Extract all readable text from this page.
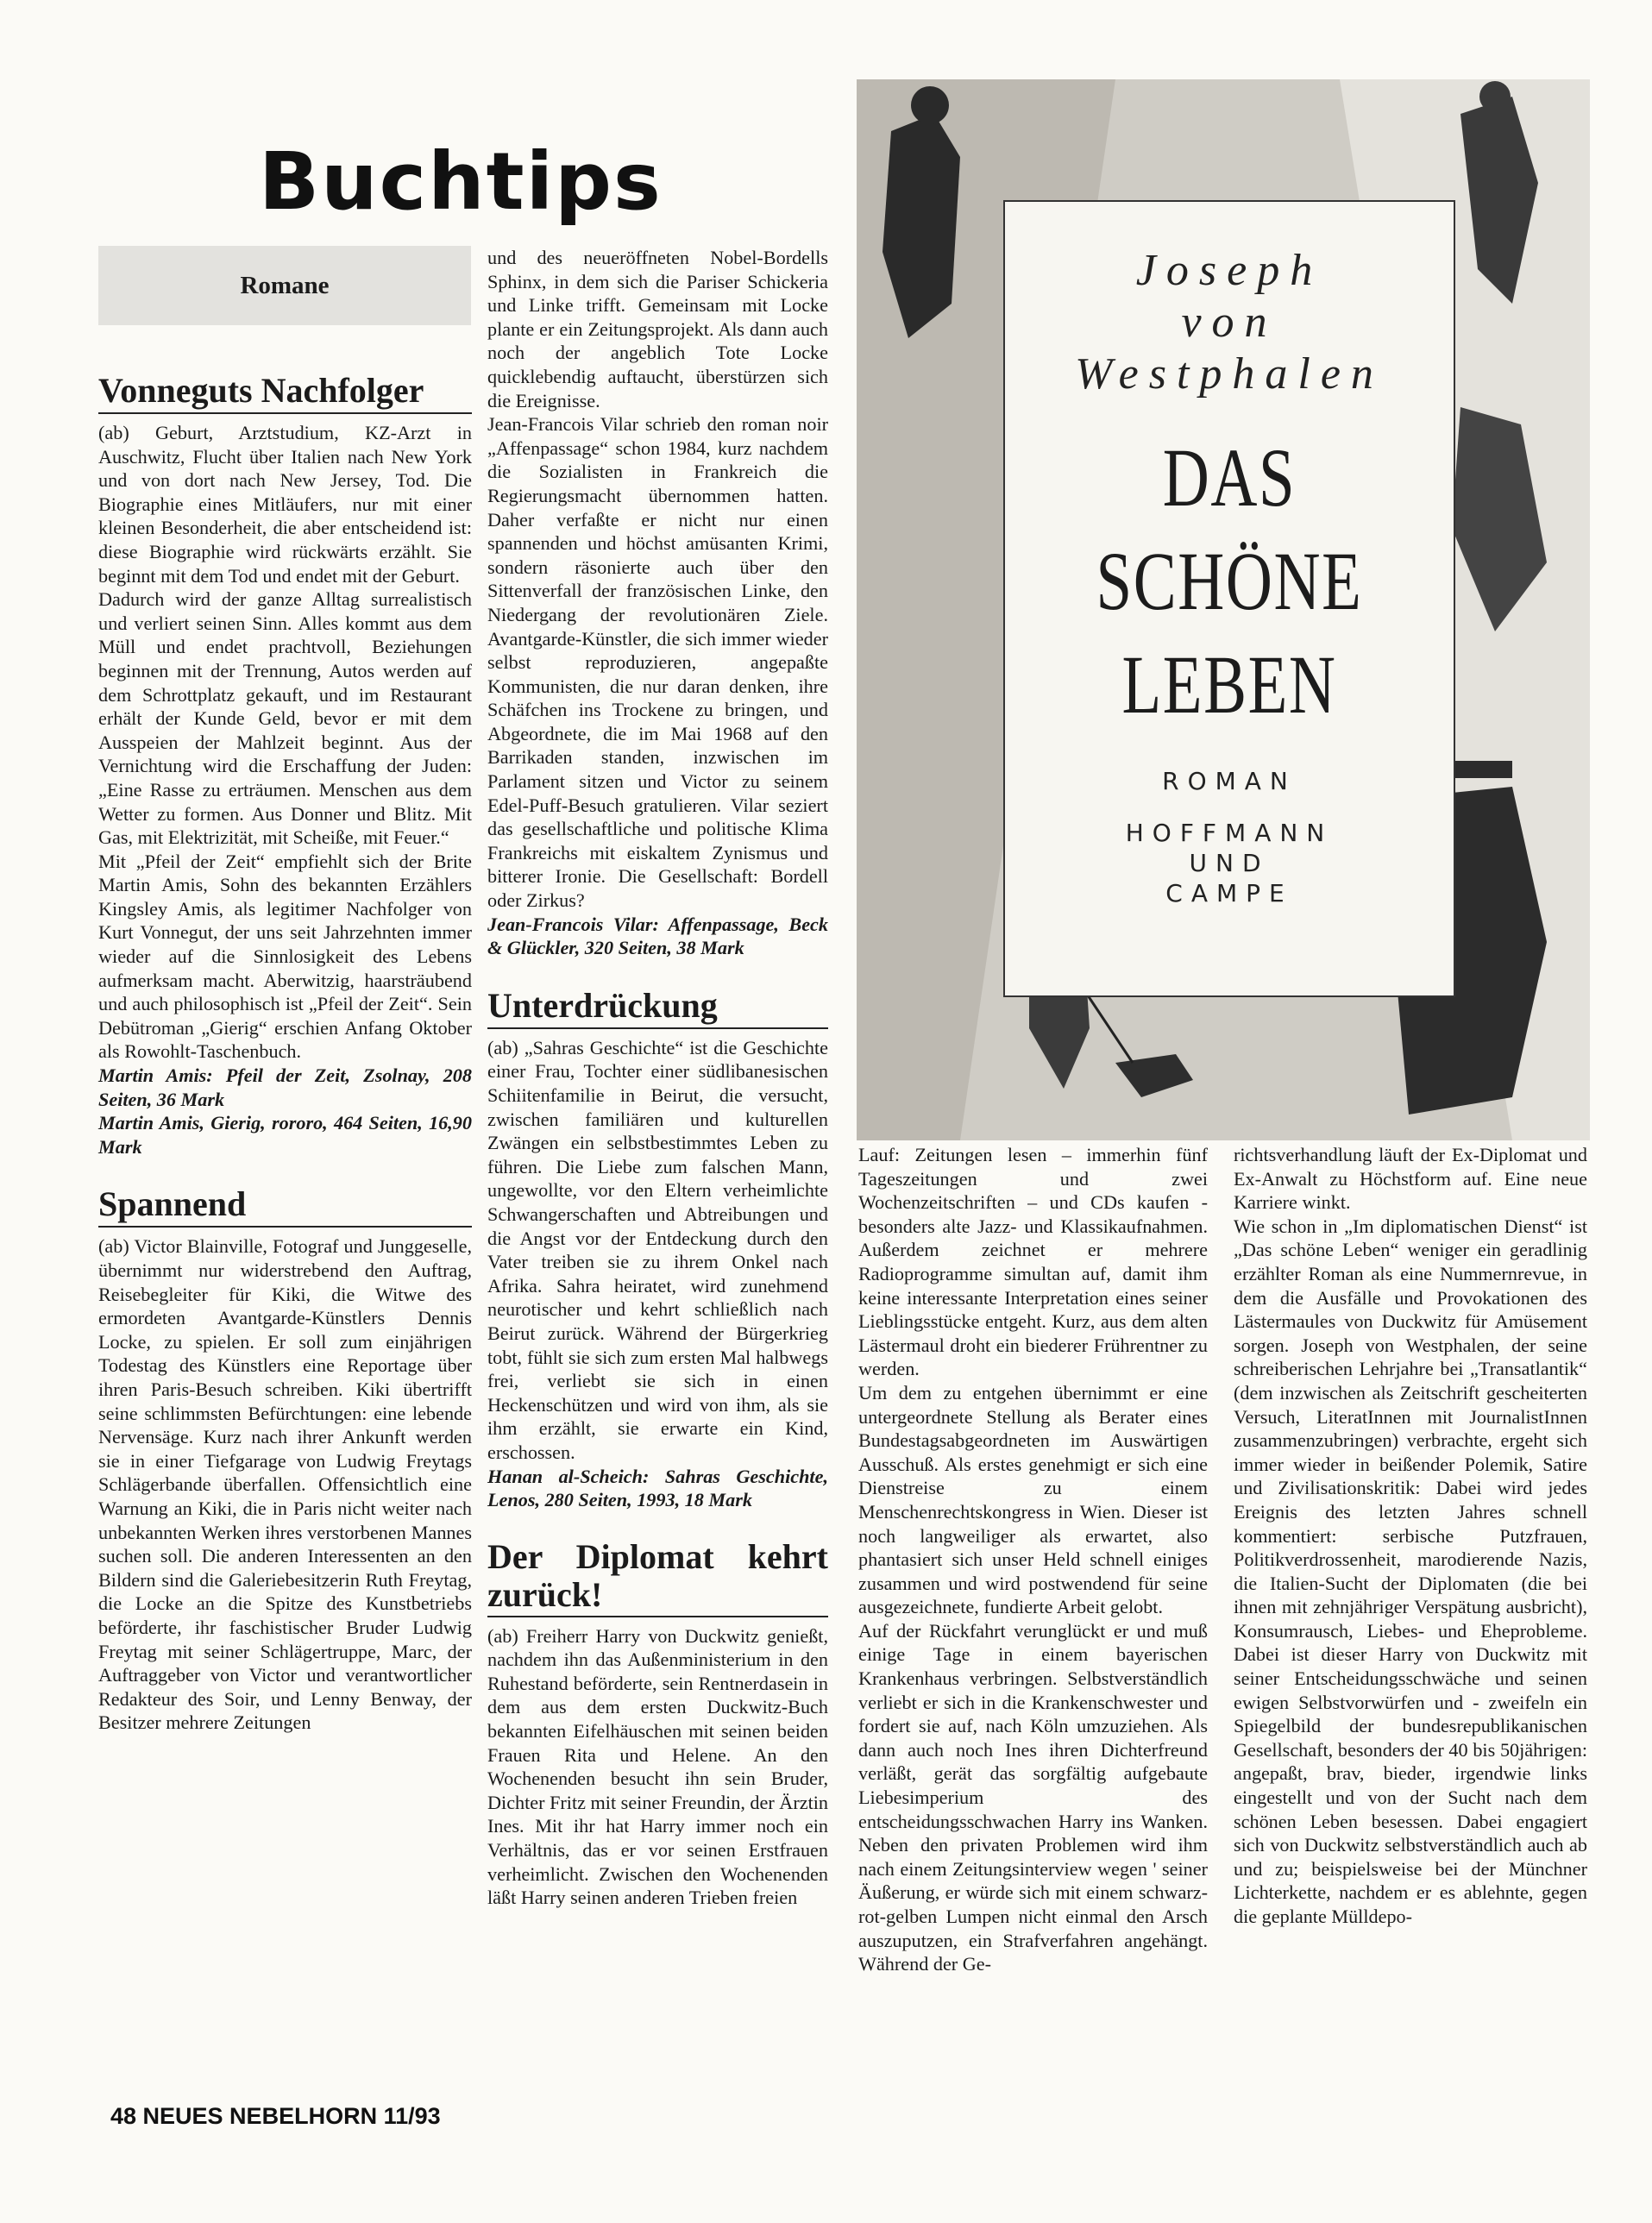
Buchtips
Romane
Vonneguts Nachfolger

(ab) Geburt, Arztstudium, KZ-Arzt in Auschwitz, Flucht über Italien nach New York und von dort nach New Jersey, Tod. Die Biographie eines Mitläufers, nur mit einer kleinen Besonderheit, die aber entscheidend ist: diese Biographie wird rückwärts erzählt. Sie beginnt mit dem Tod und endet mit der Geburt.

Dadurch wird der ganze Alltag surrealistisch und verliert seinen Sinn. Alles kommt aus dem Müll und endet prachtvoll, Beziehungen beginnen mit der Trennung, Autos werden auf dem Schrottplatz gekauft, und im Restaurant erhält der Kunde Geld, bevor er mit dem Ausspeien der Mahlzeit beginnt. Aus der Vernichtung wird die Erschaffung der Juden: „Eine Rasse zu erträumen. Menschen aus dem Wetter zu formen. Aus Donner und Blitz. Mit Gas, mit Elektrizität, mit Scheiße, mit Feuer.“

Mit „Pfeil der Zeit“ empfiehlt sich der Brite Martin Amis, Sohn des bekannten Erzählers Kingsley Amis, als legitimer Nachfolger von Kurt Vonnegut, der uns seit Jahrzehnten immer wieder auf die Sinnlosigkeit des Lebens aufmerksam macht. Aberwitzig, haarsträubend und auch philosophisch ist „Pfeil der Zeit“. Sein Debütroman „Gierig“ erschien Anfang Oktober als Rowohlt-Taschenbuch.

Martin Amis: Pfeil der Zeit, Zsolnay, 208 Seiten, 36 Mark

Martin Amis, Gierig, rororo, 464 Seiten, 16,90 Mark

Spannend

(ab) Victor Blainville, Fotograf und Junggeselle, übernimmt nur widerstrebend den Auftrag, Reisebegleiter für Kiki, die Witwe des ermordeten Avantgarde-Künstlers Dennis Locke, zu spielen. Er soll zum einjährigen Todestag des Künstlers eine Reportage über ihren Paris-Besuch schreiben. Kiki übertrifft seine schlimmsten Befürchtungen: eine lebende Nervensäge. Kurz nach ihrer Ankunft werden sie in einer Tiefgarage von Ludwig Freytags Schlägerbande überfallen. Offensichtlich eine Warnung an Kiki, die in Paris nicht weiter nach unbekannten Werken ihres verstorbenen Mannes suchen soll. Die anderen Interessenten an den Bildern sind die Galeriebesitzerin Ruth Freytag, die Locke an die Spitze des Kunstbetriebs beförderte, ihr faschistischer Bruder Ludwig Freytag mit seiner Schlägertruppe, Marc, der Auftraggeber von Victor und verantwortlicher Redakteur des Soir, und Lenny Benway, der Besitzer mehrere Zeitungen

und des neueröffneten Nobel-Bordells Sphinx, in dem sich die Pariser Schickeria und Linke trifft. Gemeinsam mit Locke plante er ein Zeitungsprojekt. Als dann auch noch der angeblich Tote Locke quicklebendig auftaucht, überstürzen sich die Ereignisse.

Jean-Francois Vilar schrieb den roman noir „Affenpassage“ schon 1984, kurz nachdem die Sozialisten in Frankreich die Regierungsmacht übernommen hatten. Daher verfaßte er nicht nur einen spannenden und höchst amüsanten Krimi, sondern räsonierte auch über den Sittenverfall der französischen Linke, den Niedergang der revolutionären Ziele. Avantgarde-Künstler, die sich immer wieder selbst reproduzieren, angepaßte Kommunisten, die nur daran denken, ihre Schäfchen ins Trockene zu bringen, und Abgeordnete, die im Mai 1968 auf den Barrikaden standen, inzwischen im Parlament sitzen und Victor zu seinem Edel-Puff-Besuch gratulieren. Vilar seziert das gesellschaftliche und politische Klima Frankreichs mit eiskaltem Zynismus und bitterer Ironie. Die Gesellschaft: Bordell oder Zirkus?

Jean-Francois Vilar: Affenpassage, Beck & Glückler, 320 Seiten, 38 Mark

Unterdrückung

(ab) „Sahras Geschichte“ ist die Geschichte einer Frau, Tochter einer südlibanesischen Schiitenfamilie in Beirut, die versucht, zwischen familiären und kulturellen Zwängen ein selbstbestimmtes Leben zu führen. Die Liebe zum falschen Mann, ungewollte, vor den Eltern verheimlichte Schwangerschaften und Abtreibungen und die Angst vor der Entdeckung durch den Vater treiben sie zu ihrem Onkel nach Afrika. Sahra heiratet, wird zunehmend neurotischer und kehrt schließlich nach Beirut zurück. Während der Bürgerkrieg tobt, fühlt sie sich zum ersten Mal halbwegs frei, verliebt sie sich in einen Heckenschützen und wird von ihm, als sie ihm erzählt, sie erwarte ein Kind, erschossen.

Hanan al-Scheich: Sahras Geschichte, Lenos, 280 Seiten, 1993, 18 Mark

Der Diplomat kehrt zurück!

(ab) Freiherr Harry von Duckwitz genießt, nachdem ihn das Außenministerium in den Ruhestand beförderte, sein Rentnerdasein in dem aus dem ersten Duckwitz-Buch bekannten Eifelhäuschen mit seinen beiden Frauen Rita und Helene. An den Wochenenden besucht ihn sein Bruder, Dichter Fritz mit seiner Freundin, der Ärztin Ines. Mit ihr hat Harry immer noch ein Verhältnis, das er vor seinen Erstfrauen verheimlicht. Zwischen den Wochenenden läßt Harry seinen anderen Trieben freien

Joseph
von
Westphalen
DAS
SCHÖNE
LEBEN
ROMAN
HOFFMANN
UND
CAMPE

Lauf: Zeitungen lesen – immerhin fünf Tageszeitungen und zwei Wochenzeitschriften – und CDs kaufen - besonders alte Jazz- und Klassikaufnahmen. Außerdem zeichnet er mehrere Radioprogramme simultan auf, damit ihm keine interessante Interpretation eines seiner Lieblingsstücke entgeht. Kurz, aus dem alten Lästermaul droht ein biederer Frührentner zu werden.

Um dem zu entgehen übernimmt er eine untergeordnete Stellung als Berater eines Bundestagsabgeordneten im Auswärtigen Ausschuß. Als erstes genehmigt er sich eine Dienstreise zu einem Menschenrechtskongress in Wien. Dieser ist noch langweiliger als erwartet, also phantasiert sich unser Held schnell einiges zusammen und wird postwendend für seine ausgezeichnete, fundierte Arbeit gelobt.

Auf der Rückfahrt verunglückt er und muß einige Tage in einem bayerischen Krankenhaus verbringen. Selbstverständlich verliebt er sich in die Krankenschwester und fordert sie auf, nach Köln umzuziehen. Als dann auch noch Ines ihren Dichterfreund verläßt, gerät das sorgfältig aufgebaute Liebesimperium des entscheidungsschwachen Harry ins Wanken. Neben den privaten Problemen wird ihm nach einem Zeitungsinterview wegen ' seiner Äußerung, er würde sich mit einem schwarz-rot-gelben Lumpen nicht einmal den Arsch auszuputzen, ein Strafverfahren angehängt. Während der Ge-

richtsverhandlung läuft der Ex-Diplomat und Ex-Anwalt zu Höchstform auf. Eine neue Karriere winkt.

Wie schon in „Im diplomatischen Dienst“ ist „Das schöne Leben“ weniger ein geradlinig erzählter Roman als eine Nummernrevue, in dem die Ausfälle und Provokationen des Lästermaules von Duckwitz für Amüsement sorgen. Joseph von Westphalen, der seine schreiberischen Lehrjahre bei „Transatlantik“ (dem inzwischen als Zeitschrift gescheiterten Versuch, LiteratInnen mit JournalistInnen zusammenzubringen) verbrachte, ergeht sich immer wieder in beißender Polemik, Satire und Zivilisationskritik: Dabei wird jedes Ereignis des letzten Jahres schnell kommentiert: serbische Putzfrauen, Politikverdrossenheit, marodierende Nazis, die Italien-Sucht der Diplomaten (die bei ihnen mit zehnjähriger Verspätung ausbricht), Konsumrausch, Liebes- und Eheprobleme. Dabei ist dieser Harry von Duckwitz mit seiner Entscheidungsschwäche und seinen ewigen Selbstvorwürfen und - zweifeln ein Spiegelbild der bundesrepublikanischen Gesellschaft, besonders der 40 bis 50jährigen: angepaßt, brav, bieder, irgendwie links eingestellt und von der Sucht nach dem schönen Leben besessen. Dabei engagiert sich von Duckwitz selbstverständlich auch ab und zu; beispielsweise bei der Münchner Lichterkette, nachdem er es ablehnte, gegen die geplante Mülldepo-

48 NEUES NEBELHORN 11/93
